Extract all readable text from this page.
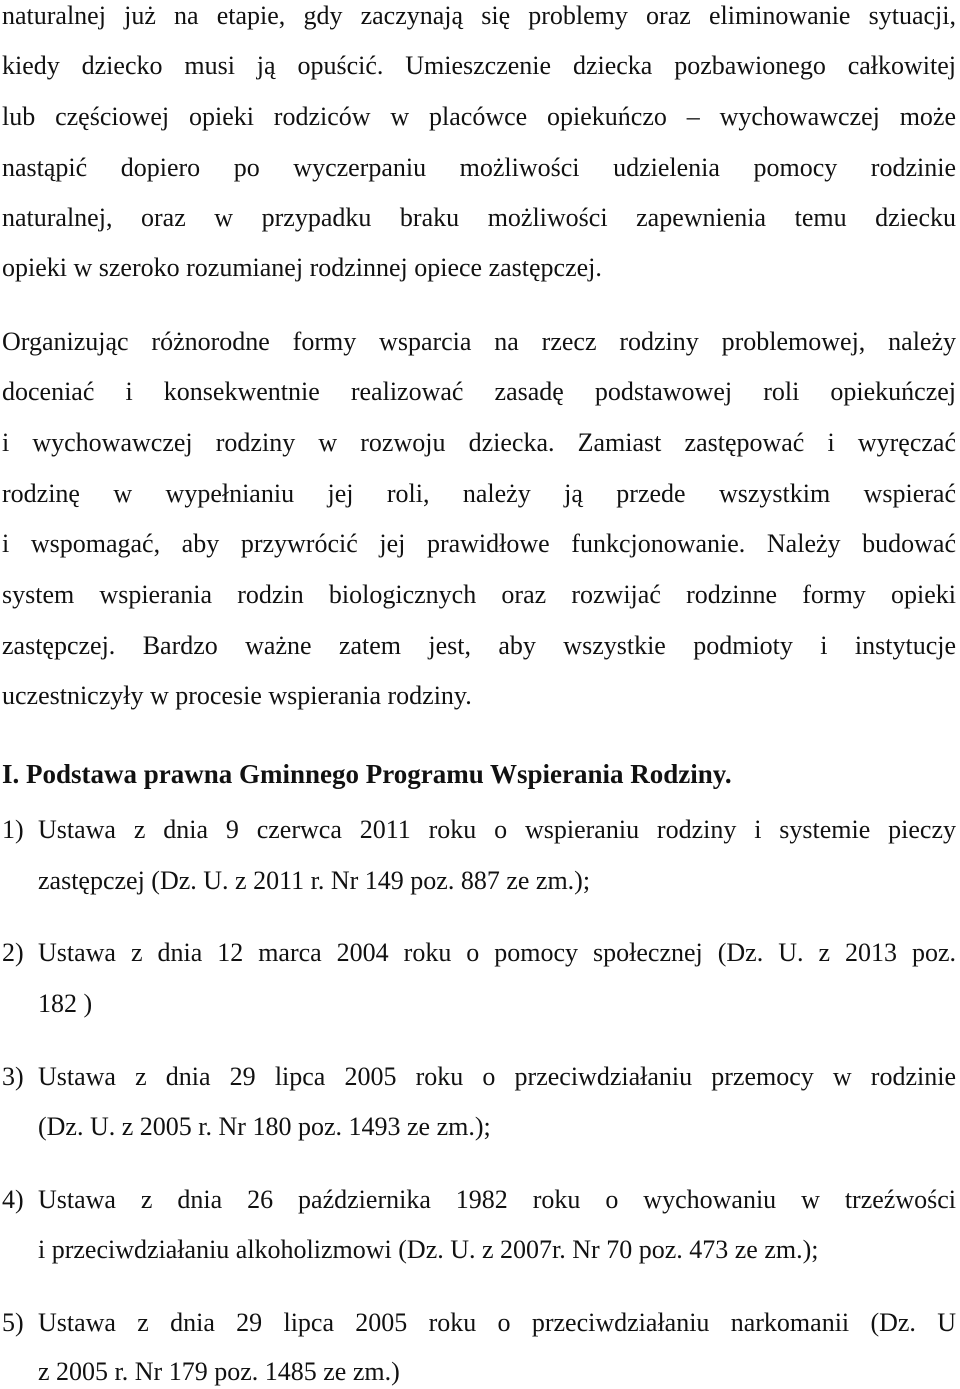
naturalnej już na etapie, gdy zaczynają się problemy oraz eliminowanie sytuacji,
kiedy dziecko musi ją opuścić. Umieszczenie dziecka pozbawionego całkowitej
lub częściowej opieki rodziców w placówce opiekuńczo – wychowawczej może
nastąpić dopiero po wyczerpaniu możliwości udzielenia pomocy rodzinie
naturalnej, oraz w przypadku braku możliwości zapewnienia temu dziecku
opieki w szeroko rozumianej rodzinnej opiece zastępczej.
Organizując różnorodne formy wsparcia na rzecz rodziny problemowej, należy
doceniać i konsekwentnie realizować zasadę podstawowej roli opiekuńczej
i wychowawczej rodziny w rozwoju dziecka. Zamiast zastępować i wyręczać
rodzinę w wypełnianiu jej roli, należy ją przede wszystkim wspierać
i wspomagać, aby przywrócić jej prawidłowe funkcjonowanie. Należy budować
system wspierania rodzin biologicznych oraz rozwijać rodzinne formy opieki
zastępczej. Bardzo ważne zatem jest, aby wszystkie podmioty i instytucje
uczestniczyły w procesie wspierania rodziny.
I. Podstawa prawna Gminnego Programu Wspierania Rodziny.
1) Ustawa z dnia 9 czerwca 2011 roku o wspieraniu rodziny i systemie pieczy
zastępczej (Dz. U. z 2011 r. Nr 149 poz. 887 ze zm.);
2) Ustawa z dnia 12 marca 2004 roku o pomocy społecznej (Dz. U. z 2013 poz.
182 )
3) Ustawa z dnia 29 lipca 2005 roku o przeciwdziałaniu przemocy w rodzinie
(Dz. U. z 2005 r. Nr 180 poz. 1493 ze zm.);
4) Ustawa z dnia 26 października 1982 roku o wychowaniu w trzeźwości
i przeciwdziałaniu alkoholizmowi (Dz. U. z 2007r. Nr 70 poz. 473 ze zm.);
5) Ustawa z dnia 29 lipca 2005 roku o przeciwdziałaniu narkomanii (Dz. U
z 2005 r. Nr 179 poz. 1485 ze zm.)
